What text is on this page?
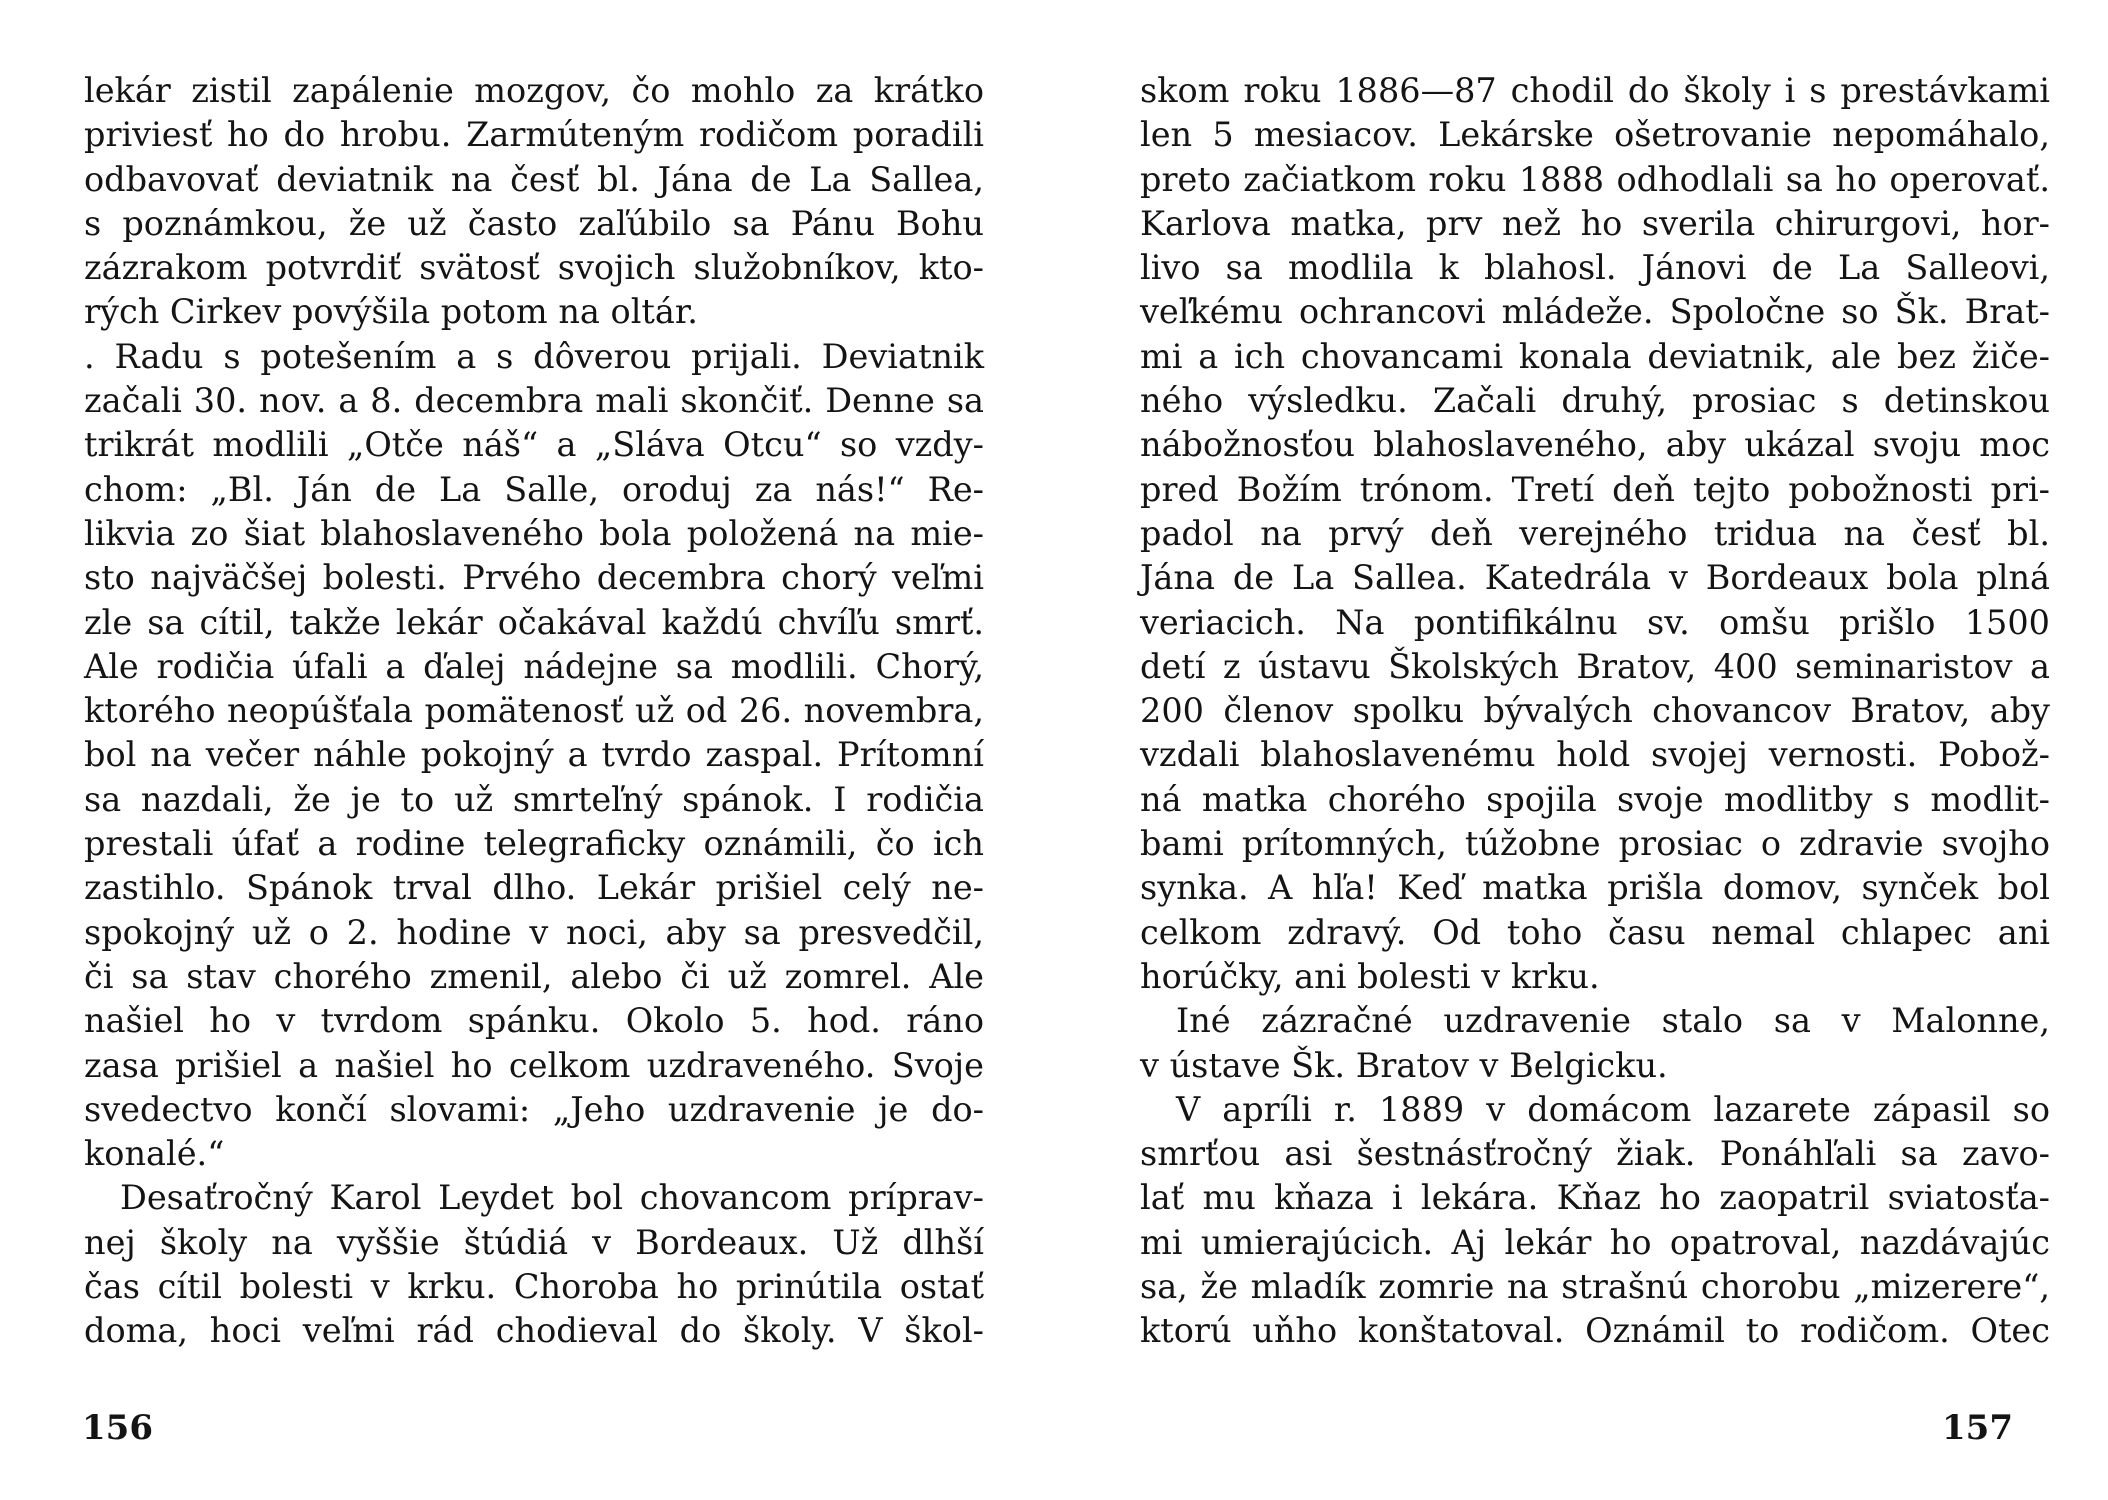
lekár zistil zapálenie mozgov, čo mohlo za krátko
priviesť ho do hrobu. Zarmúteným rodičom poradili
odbavovať deviatnik na česť bl. Jána de La Sallea,
s poznámkou, že už často zaľúbilo sa Pánu Bohu
zázrakom potvrdiť svätosť svojich služobníkov, kto-
rých Cirkev povýšila potom na oltár.
. Radu s potešením a s dôverou prijali. Deviatnik
začali 30. nov. a 8. decembra mali skončiť. Denne sa
trikrát modlili „Otče náš“ a „Sláva Otcu“ so vzdy-
chom: „Bl. Ján de La Salle, oroduj za nás!“ Re-
likvia zo šiat blahoslaveného bola položená na mie-
sto najväčšej bolesti. Prvého decembra chorý veľmi
zle sa cítil, takže lekár očakával každú chvíľu smrť.
Ale rodičia úfali a ďalej nádejne sa modlili. Chorý,
ktorého neopúšťala pomätenosť už od 26. novembra,
bol na večer náhle pokojný a tvrdo zaspal. Prítomní
sa nazdali, že je to už smrteľný spánok. I rodičia
prestali úfať a rodine telegraficky oznámili, čo ich
zastihlo. Spánok trval dlho. Lekár prišiel celý ne-
spokojný už o 2. hodine v noci, aby sa presvedčil,
či sa stav chorého zmenil, alebo či už zomrel. Ale
našiel ho v tvrdom spánku. Okolo 5. hod. ráno
zasa prišiel a našiel ho celkom uzdraveného. Svoje
svedectvo končí slovami: „Jeho uzdravenie je do-
konalé.“
Desaťročný Karol Leydet bol chovancom príprav-
nej školy na vyššie štúdiá v Bordeaux. Už dlhší
čas cítil bolesti v krku. Choroba ho prinútila ostať
doma, hoci veľmi rád chodieval do školy. V škol-
156
skom roku 1886—87 chodil do školy i s prestávkami
len 5 mesiacov. Lekárske ošetrovanie nepomáhalo,
preto začiatkom roku 1888 odhodlali sa ho operovať.
Karlova matka, prv než ho sverila chirurgovi, hor-
livo sa modlila k blahosl. Jánovi de La Salleovi,
veľkému ochrancovi mládeže. Spoločne so Šk. Brat-
mi a ich chovancami konala deviatnik, ale bez žiče-
ného výsledku. Začali druhý, prosiac s detinskou
nábožnosťou blahoslaveného, aby ukázal svoju moc
pred Božím trónom. Tretí deň tejto pobožnosti pri-
padol na prvý deň verejného tridua na česť bl.
Jána de La Sallea. Katedrála v Bordeaux bola plná
veriacich. Na pontifikálnu sv. omšu prišlo 1500
detí z ústavu Školských Bratov, 400 seminaristov a
200 členov spolku bývalých chovancov Bratov, aby
vzdali blahoslavenému hold svojej vernosti. Pobož-
ná matka chorého spojila svoje modlitby s modlit-
bami prítomných, túžobne prosiac o zdravie svojho
synka. A hľa! Keď matka prišla domov, synček bol
celkom zdravý. Od toho času nemal chlapec ani
horúčky, ani bolesti v krku.
Iné zázračné uzdravenie stalo sa v Malonne,
v ústave Šk. Bratov v Belgicku.
V apríli r. 1889 v domácom lazarete zápasil so
smrťou asi šestnásťročný žiak. Ponáhľali sa zavo-
lať mu kňaza i lekára. Kňaz ho zaopatril sviatosťa-
mi umierajúcich. Aj lekár ho opatroval, nazdávajúc
sa, že mladík zomrie na strašnú chorobu „mizerere“,
ktorú uňho konštatoval. Oznámil to rodičom. Otec
157
